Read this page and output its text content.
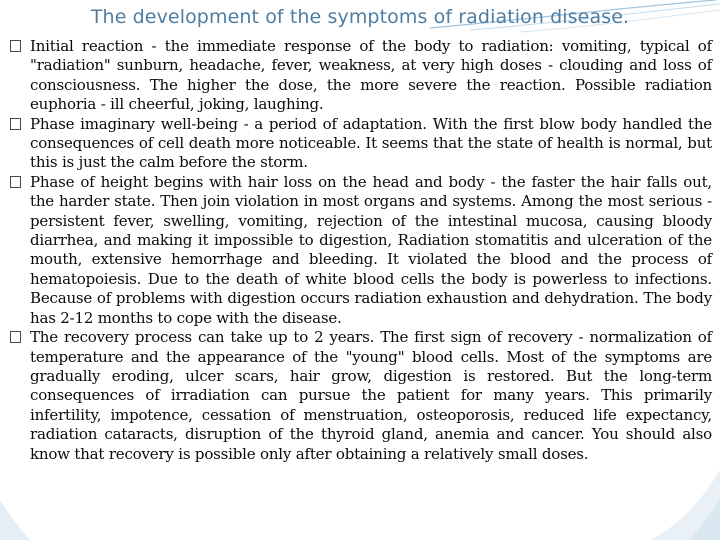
The development of the symptoms of radiation disease.
Initial reaction - the immediate response of the body to radiation: vomiting, typical of "radiation" sunburn, headache, fever, weakness, at very high doses - clouding and loss of consciousness. The higher the dose, the more severe the reaction. Possible radiation euphoria - ill cheerful, joking, laughing.
Phase imaginary well-being - a period of adaptation. With the first blow body handled the consequences of cell death more noticeable. It seems that the state of health is normal, but this is just the calm before the storm.
Phase of height begins with hair loss on the head and body - the faster the hair falls out, the harder state. Then join violation in most organs and systems. Among the most serious - persistent fever, swelling, vomiting, rejection of the intestinal mucosa, causing bloody diarrhea, and making it impossible to digestion, Radiation stomatitis and ulceration of the mouth, extensive hemorrhage and bleeding. It violated the blood and the process of hematopoiesis. Due to the death of white blood cells the body is powerless to infections. Because of problems with digestion occurs radiation exhaustion and dehydration. The body has 2-12 months to cope with the disease.
The recovery process can take up to 2 years. The first sign of recovery - normalization of temperature and the appearance of the "young" blood cells. Most of the symptoms are gradually eroding, ulcer scars, hair grow, digestion is restored. But the long-term consequences of irradiation can pursue the patient for many years. This primarily infertility, impotence, cessation of menstruation, osteoporosis, reduced life expectancy, radiation cataracts, disruption of the thyroid gland, anemia and cancer. You should also know that recovery is possible only after obtaining a relatively small doses.
